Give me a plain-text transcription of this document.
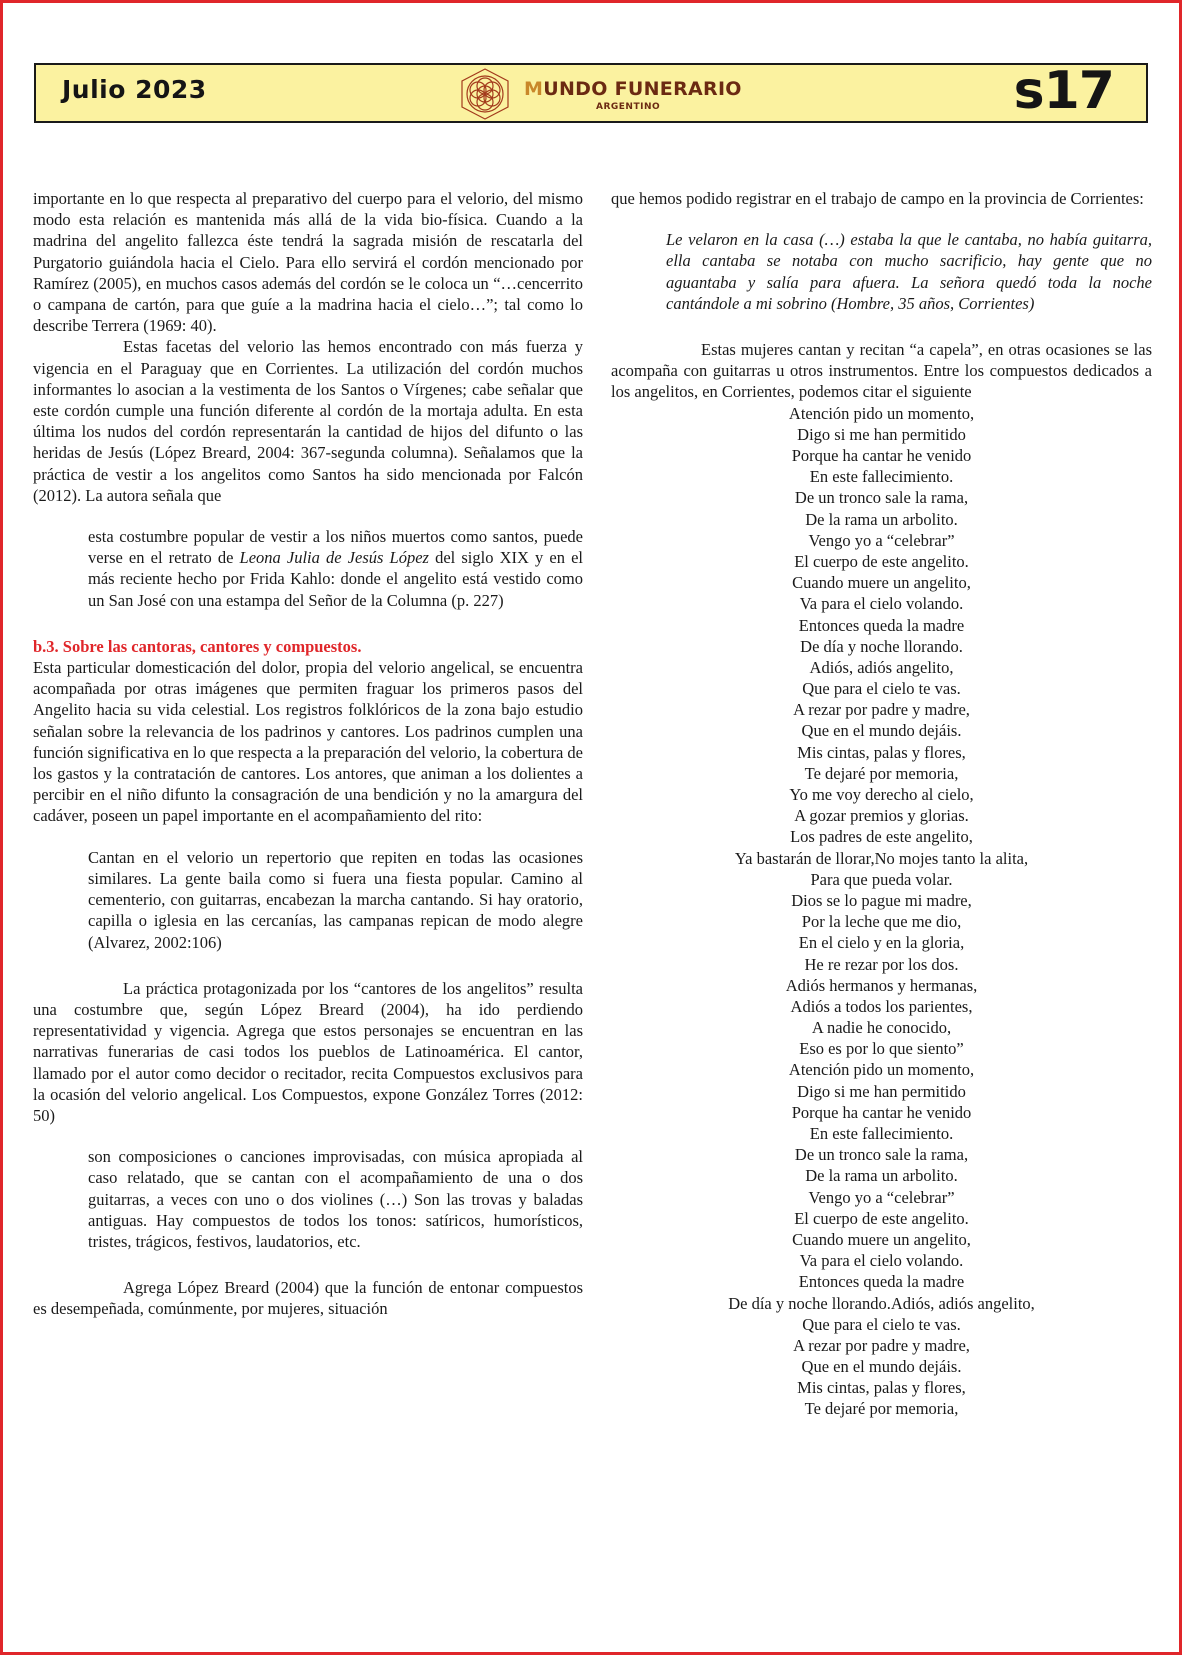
Julio 2023	MUNDO FUNERARIO
ARGENTINO	s17

importante en lo que respecta al preparativo del cuerpo para el velorio, del mismo modo esta relación es mantenida más allá de la vida bio-física. Cuando a la madrina del angelito fallezca éste tendrá la sagrada misión de rescatarla del Purgatorio guiándola hacia el Cielo. Para ello servirá el cordón mencionado por Ramírez (2005), en muchos casos además del cordón se le coloca un “…cencerrito o campana de cartón, para que guíe a la madrina hacia el cielo…”; tal como lo describe Terrera (1969: 40).

Estas facetas del velorio las hemos encontrado con más fuerza y vigencia en el Paraguay que en Corrientes. La utilización del cordón muchos informantes lo asocian a la vestimenta de los Santos o Vírgenes; cabe señalar que este cordón cumple una función diferente al cordón de la mortaja adulta. En esta última los nudos del cordón representarán la cantidad de hijos del difunto o las heridas de Jesús (López Breard, 2004: 367-segunda columna). Señalamos que la práctica de vestir a los angelitos como Santos ha sido mencionada por Falcón (2012). La autora señala que

esta costumbre popular de vestir a los niños muertos como santos, puede verse en el retrato de Leona Julia de Jesús López del siglo XIX y en el más reciente hecho por Frida Kahlo: donde el angelito está vestido como un San José con una estampa del Señor de la Columna (p. 227)

b.3. Sobre las cantoras, cantores y compuestos.

Esta particular domesticación del dolor, propia del velorio angelical, se encuentra acompañada por otras imágenes que permiten fraguar los primeros pasos del Angelito hacia su vida celestial. Los registros folklóricos de la zona bajo estudio señalan sobre la relevancia de los padrinos y cantores. Los padrinos cumplen una función significativa en lo que respecta a la preparación del velorio, la cobertura de los gastos y la contratación de cantores. Los antores, que animan a los dolientes a percibir en el niño difunto la consagración de una bendición y no la amargura del cadáver, poseen un papel importante en el acompañamiento del rito:

Cantan en el velorio un repertorio que repiten en todas las ocasiones similares. La gente baila como si fuera una fiesta popular. Camino al cementerio, con guitarras, encabezan la marcha cantando. Si hay oratorio, capilla o iglesia en las cercanías, las campanas repican de modo alegre (Alvarez, 2002:106)

La práctica protagonizada por los “cantores de los angelitos” resulta una costumbre que, según López Breard (2004), ha ido perdiendo representatividad y vigencia. Agrega que estos personajes se encuentran en las narrativas funerarias de casi todos los pueblos de Latinoamérica. El cantor, llamado por el autor como decidor o recitador, recita Compuestos exclusivos para la ocasión del velorio angelical. Los Compuestos, expone González Torres (2012: 50)

son composiciones o canciones improvisadas, con música apropiada al caso relatado, que se cantan con el acompañamiento de una o dos guitarras, a veces con uno o dos violines (…) Son las trovas y baladas antiguas. Hay compuestos de todos los tonos: satíricos, humorísticos, tristes, trágicos, festivos, laudatorios, etc.

Agrega López Breard (2004) que la función de entonar compuestos es desempeñada, comúnmente, por mujeres, situación

que hemos podido registrar en el trabajo de campo en la provincia de Corrientes:

Le velaron en la casa (…) estaba la que le cantaba, no había guitarra, ella cantaba se notaba con mucho sacrificio, hay gente que no aguantaba y salía para afuera. La señora quedó toda la noche cantándole a mi sobrino (Hombre, 35 años, Corrientes)

Estas mujeres cantan y recitan “a capela”, en otras ocasiones se las acompaña con guitarras u otros instrumentos. Entre los compuestos dedicados a los angelitos, en Corrientes, podemos citar el siguiente

Atención pido un momento,
Digo si me han permitido
Porque ha cantar he venido
En este fallecimiento.
De un tronco sale la rama,
De la rama un arbolito.
Vengo yo a “celebrar”
El cuerpo de este angelito.
Cuando muere un angelito,
Va para el cielo volando.
Entonces queda la madre
De día y noche llorando.
Adiós, adiós angelito,
Que para el cielo te vas.
A rezar por padre y madre,
Que en el mundo dejáis.
Mis cintas, palas y flores,
Te dejaré por memoria,
Yo me voy derecho al cielo,
A gozar premios y glorias.
Los padres de este angelito,
Ya bastarán de llorar,No mojes tanto la alita,
Para que pueda volar.
Dios se lo pague mi madre,
Por la leche que me dio,
En el cielo y en la gloria,
He re rezar por los dos.
Adiós hermanos y hermanas,
Adiós a todos los parientes,
A nadie he conocido,
Eso es por lo que siento”
Atención pido un momento,
Digo si me han permitido
Porque ha cantar he venido
En este fallecimiento.
De un tronco sale la rama,
De la rama un arbolito.
Vengo yo a “celebrar”
El cuerpo de este angelito.
Cuando muere un angelito,
Va para el cielo volando.
Entonces queda la madre
De día y noche llorando.Adiós, adiós angelito,
Que para el cielo te vas.
A rezar por padre y madre,
Que en el mundo dejáis.
Mis cintas, palas y flores,
Te dejaré por memoria,
